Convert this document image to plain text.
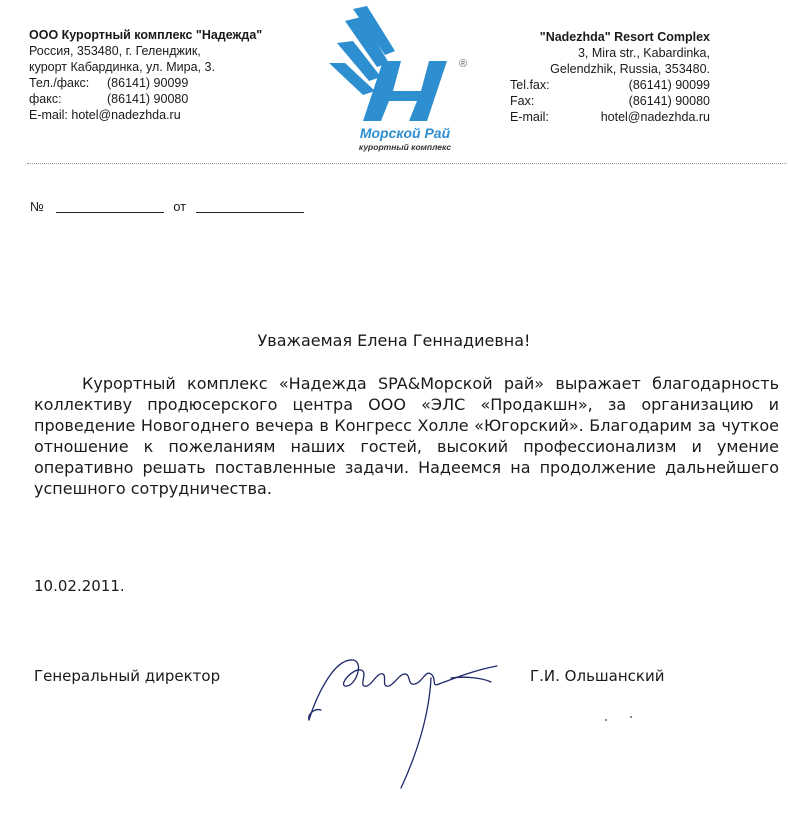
ООО Курортный комплекс "Надежда"
Россия, 353480, г. Геленджик,
курорт Кабардинка, ул. Мира, 3.
Тел./факс:	(86141) 90099
факс:	(86141) 90080
E-mail: hotel@nadezhda.ru
®
Морской Рай
курортный комплекс
"Nadezhda" Resort Complex
3, Mira str., Kabardinka,
Gelendzhik, Russia, 353480.
Tel.fax:	(86141) 90099
Fax:	(86141) 90080
E-mail:	hotel@nadezhda.ru
№	от
Уважаемая Елена Геннадиевна!

Курортный комплекс «Надежда SPA&Морской рай» выражает благодарность коллективу продюсерского центра ООО «ЭЛС «Продакшн», за организацию и проведение Новогоднего вечера в Конгресс Холле «Югорский». Благодарим за чуткое отношение к пожеланиям наших гостей, высокий профессионализм и умение оперативно решать поставленные задачи. Надеемся на продолжение дальнейшего успешного сотрудничества.

10.02.2011.
Генеральный директор	Г.И. Ольшанский
